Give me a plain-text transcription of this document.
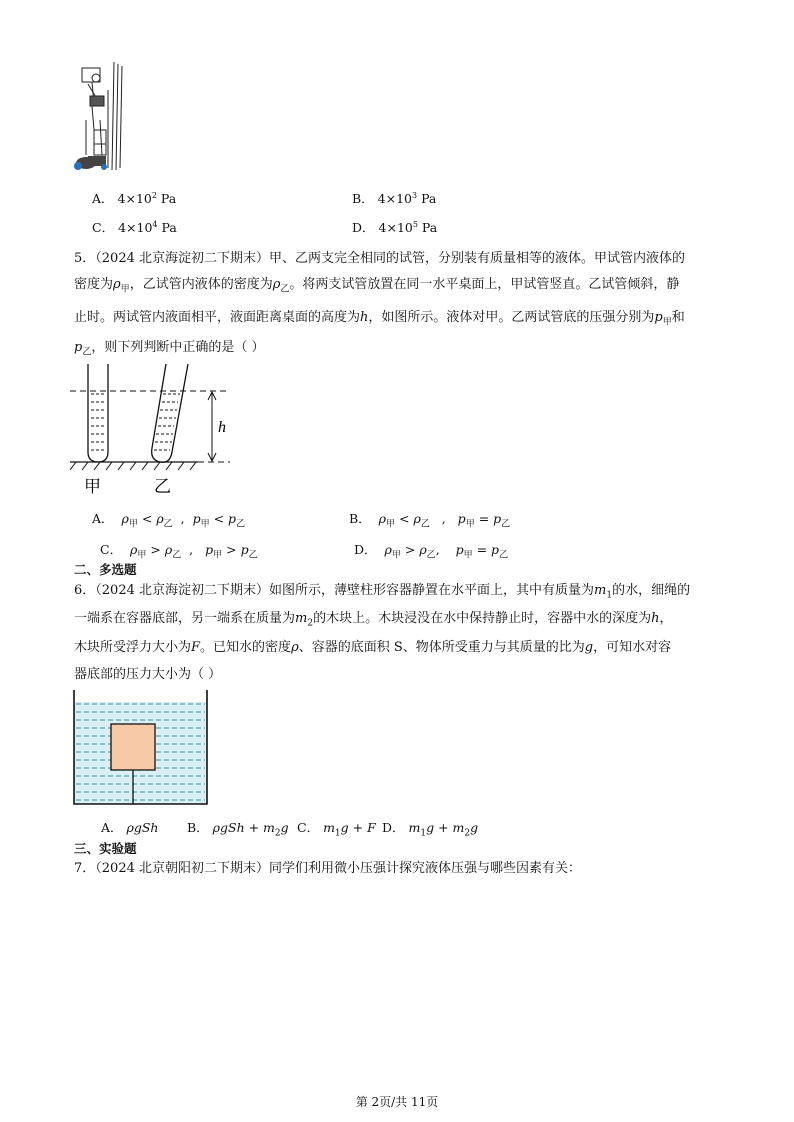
A． $4\times 10^2$ Pa	B． $4\times 10^3$ Pa
C． $4\times 10^4$ Pa	D． $4\times 10^5$ Pa
5．（2024 北京海淀初二下期末）甲、乙两支完全相同的试管，分别装有质量相等的液体。甲试管内液体的
密度为$\rho_甲$，乙试管内液体的密度为$\rho_乙$。将两支试管放置在同一水平桌面上，甲试管竖直。乙试管倾斜，静
止时。两试管内液面相平，液面距离桌面的高度为h，如图所示。液体对甲。乙两试管底的压强分别为$p_甲$和
$p_乙$，则下列判断中正确的是（ ）
h
甲	乙
A． $\rho_甲 < \rho_乙$  ,  $p_甲 < p_乙$	B． $\rho_甲 < \rho_乙$   ,   $p_甲 = p_乙$
C． $\rho_甲 > \rho_乙$  ,   $p_甲 > p_乙$	D． $\rho_甲 > \rho_乙$,    $p_甲 = p_乙$
二、多选题
6．（2024 北京海淀初二下期末）如图所示，薄壁柱形容器静置在水平面上，其中有质量为$m_1$的水，细绳的
一端系在容器底部，另一端系在质量为$m_2$的木块上。木块浸没在水中保持静止时，容器中水的深度为h，
木块所受浮力大小为F。已知水的密度ρ、容器的底面积 S、物体所受重力与其质量的比为g，可知水对容
器底部的压力大小为（ ）
A． ρgSh B． $\rho gSh + m_2g$ C． $m_1g + F$ D． $m_1g + m_2g$
三、实验题
7．（2024 北京朝阳初二下期末）同学们利用微小压强计探究液体压强与哪些因素有关：
第 2页/共 11页
